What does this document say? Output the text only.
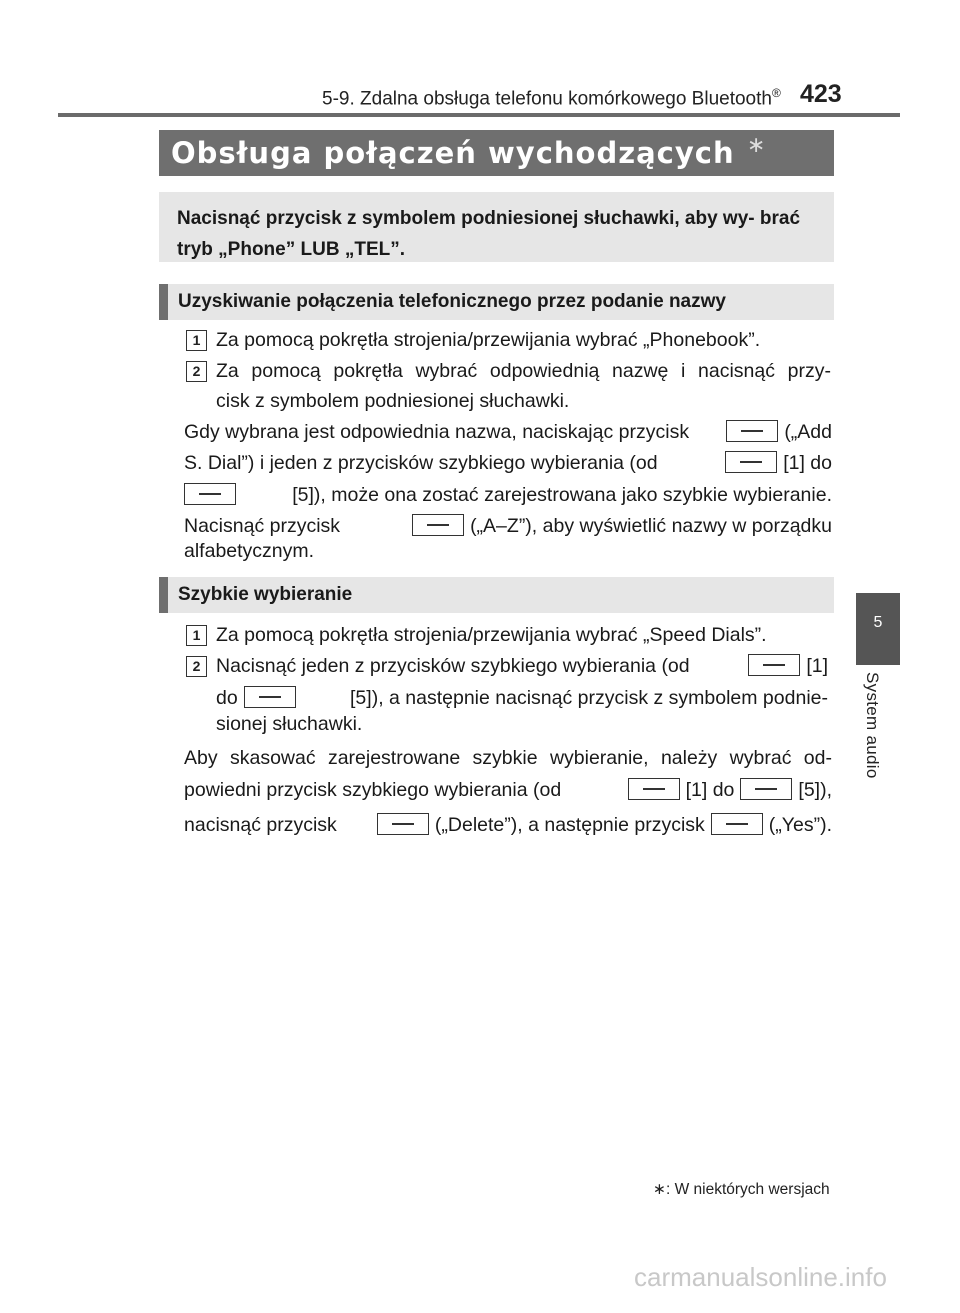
5-9. Zdalna obsługa telefonu komórkowego Bluetooth® 423
5
System audio
Obsługa połączeń wychodzących ∗
Nacisnąć przycisk z symbolem podniesionej słuchawki, aby wy- brać tryb „Phone” LUB „TEL”.
Uzyskiwanie połączenia telefonicznego przez podanie nazwy
1 Za pomocą pokrętła strojenia/przewijania wybrać „Phonebook”.
2 Za pomocą pokrętła wybrać odpowiednią nazwę i nacisnąć przy-
cisk z symbolem podniesionej słuchawki.
Gdy wybrana jest odpowiednia nazwa, naciskając przycisk	(„Add
S. Dial”) i jeden z przycisków szybkiego wybierania (od	[1] do
[5]), może ona zostać zarejestrowana jako szybkie wybieranie.
Nacisnąć przycisk	(„A–Z”), aby wyświetlić nazwy w porządku
alfabetycznym.
Szybkie wybieranie
1 Za pomocą pokrętła strojenia/przewijania wybrać „Speed Dials”.
2 Nacisnąć jeden z przycisków szybkiego wybierania (od	[1]
do	[5]), a następnie nacisnąć przycisk z symbolem podnie-
sionej słuchawki.
Aby skasować zarejestrowane szybkie wybieranie, należy wybrać od-
powiedni przycisk szybkiego wybierania (od	[1] do	[5]),
nacisnąć przycisk	(„Delete”), a następnie przycisk	(„Yes”).
∗: W niektórych wersjach
carmanualsonline.info
